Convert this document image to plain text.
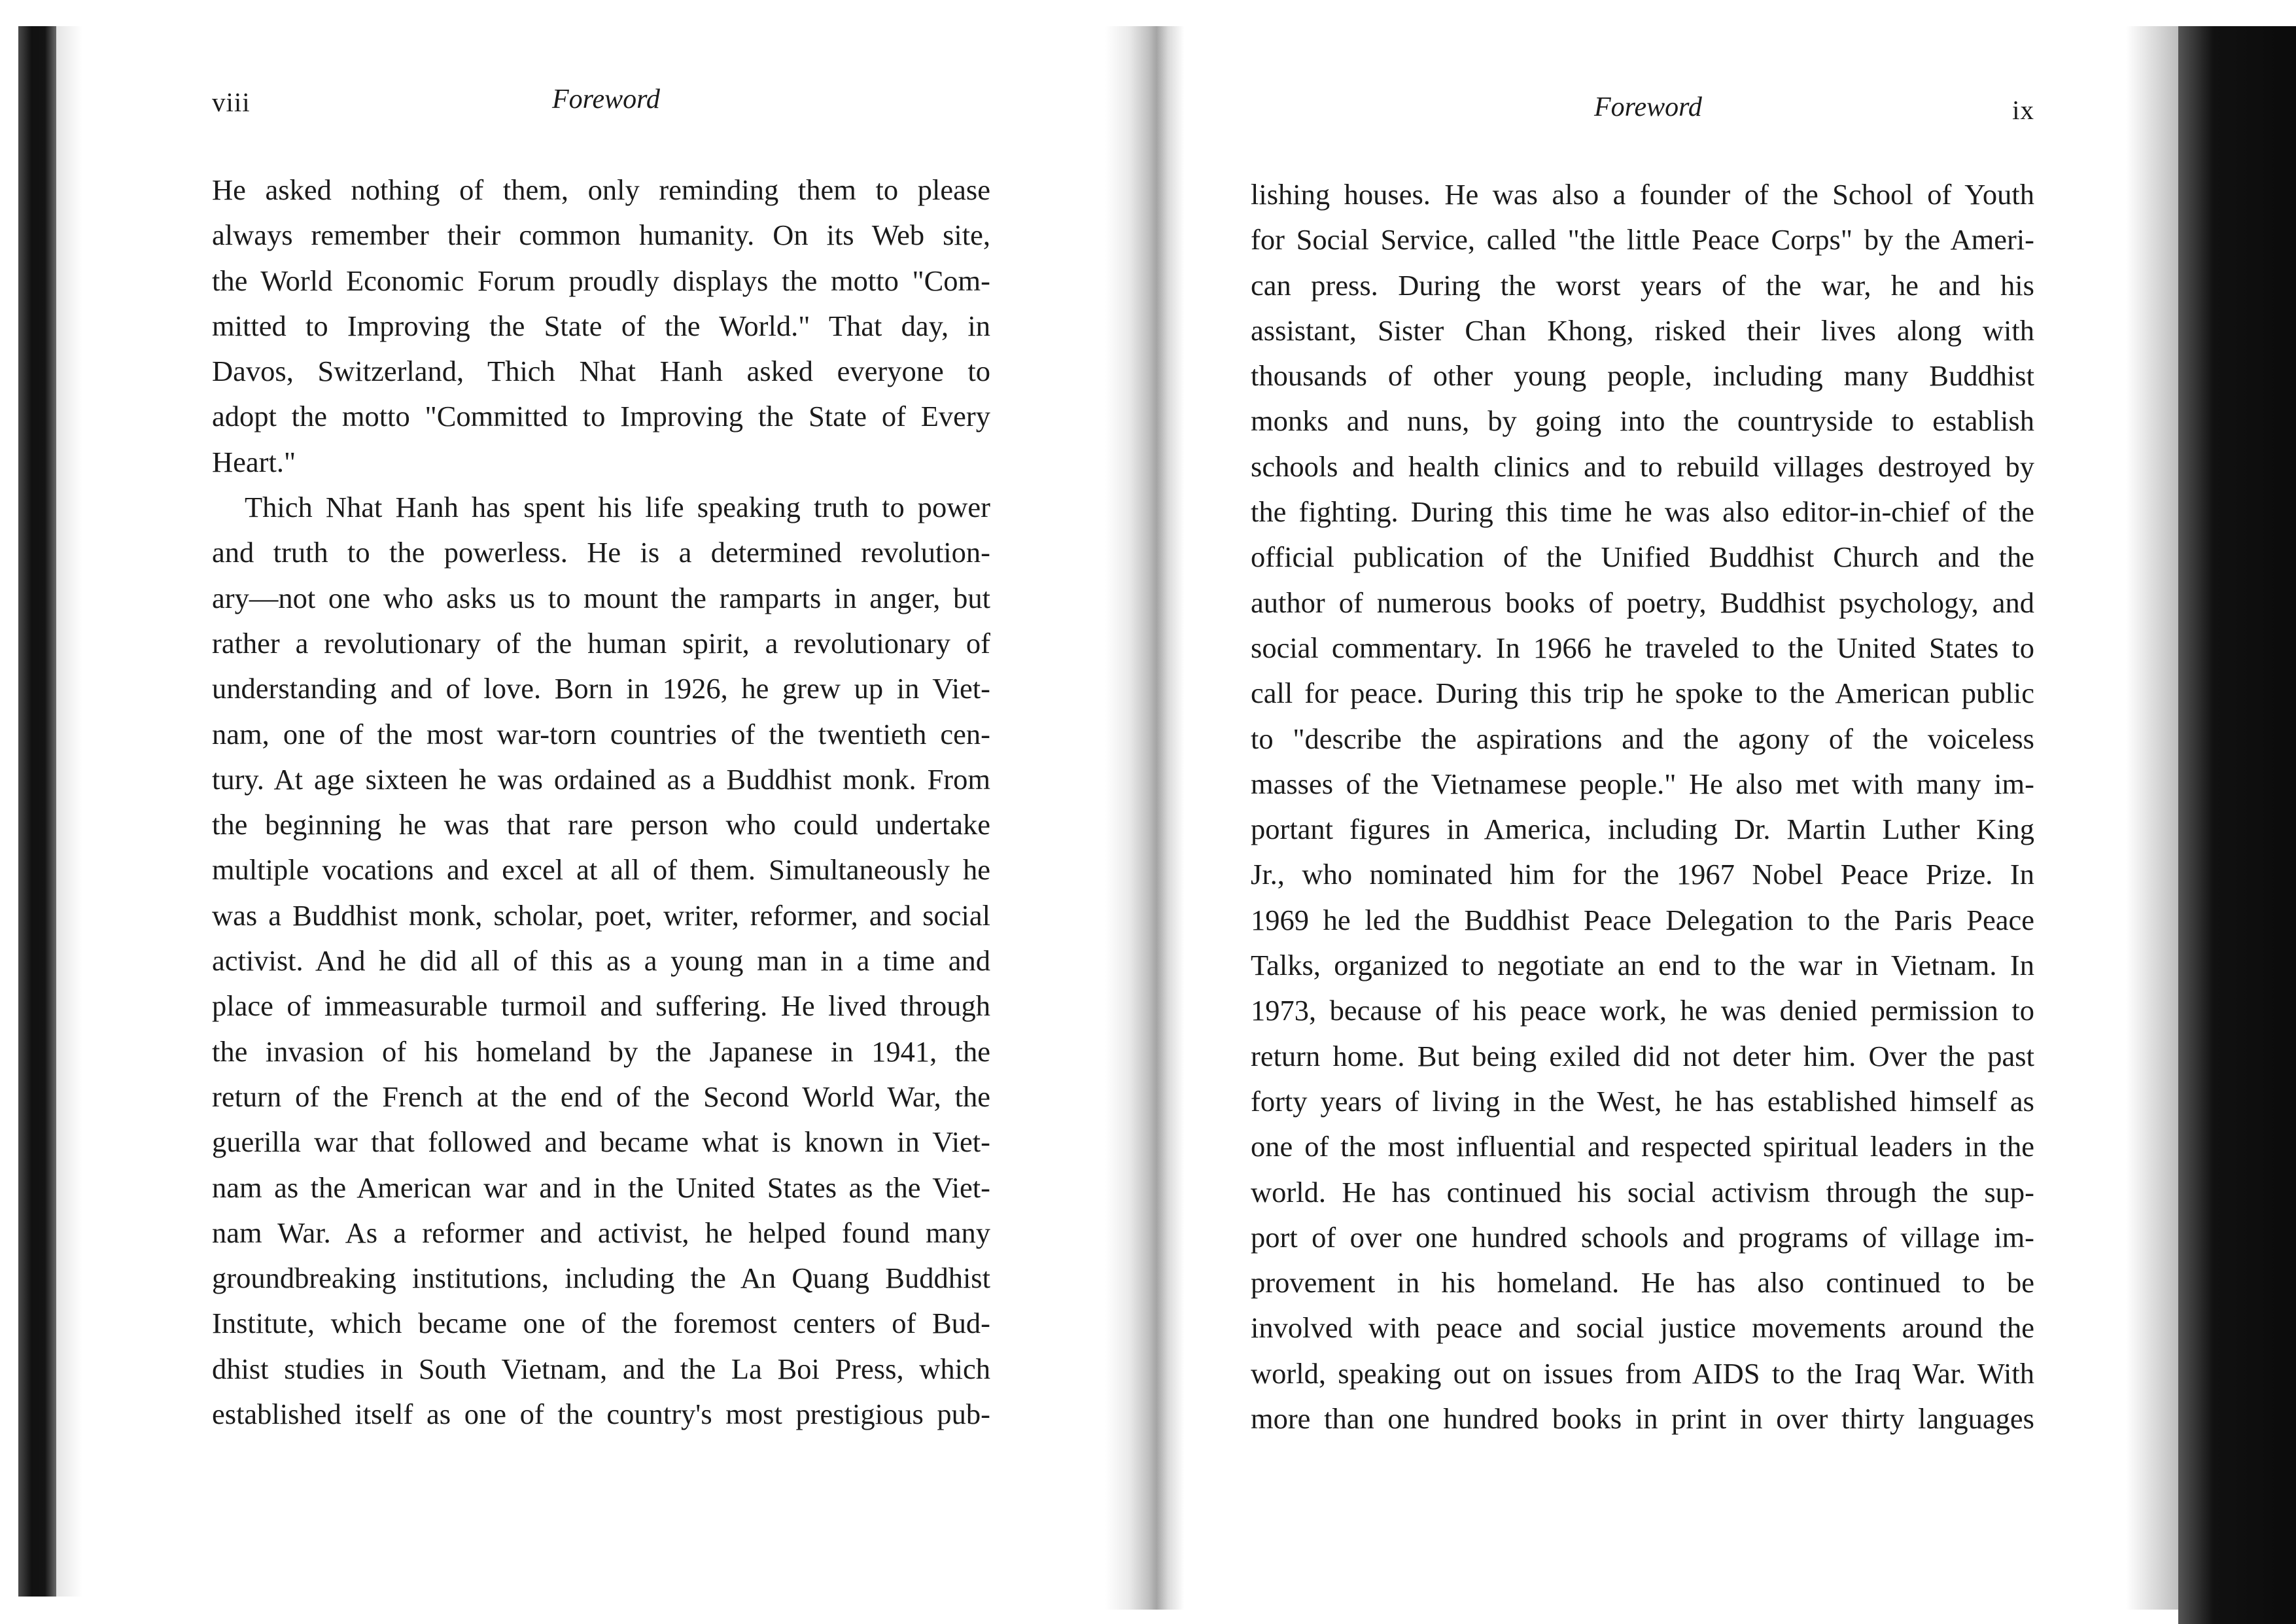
viii	Foreword
He asked nothing of them, only reminding them to please
always remember their common humanity. On its Web site,
the World Economic Forum proudly displays the motto "Com-
mitted to Improving the State of the World." That day, in
Davos, Switzerland, Thich Nhat Hanh asked everyone to
adopt the motto "Committed to Improving the State of Every
Heart."
Thich Nhat Hanh has spent his life speaking truth to power
and truth to the powerless. He is a determined revolution-
ary—not one who asks us to mount the ramparts in anger, but
rather a revolutionary of the human spirit, a revolutionary of
understanding and of love. Born in 1926, he grew up in Viet-
nam, one of the most war-torn countries of the twentieth cen-
tury. At age sixteen he was ordained as a Buddhist monk. From
the beginning he was that rare person who could undertake
multiple vocations and excel at all of them. Simultaneously he
was a Buddhist monk, scholar, poet, writer, reformer, and social
activist. And he did all of this as a young man in a time and
place of immeasurable turmoil and suffering. He lived through
the invasion of his homeland by the Japanese in 1941, the
return of the French at the end of the Second World War, the
guerilla war that followed and became what is known in Viet-
nam as the American war and in the United States as the Viet-
nam War. As a reformer and activist, he helped found many
groundbreaking institutions, including the An Quang Buddhist
Institute, which became one of the foremost centers of Bud-
dhist studies in South Vietnam, and the La Boi Press, which
established itself as one of the country's most prestigious pub-
Foreword	ix
lishing houses. He was also a founder of the School of Youth
for Social Service, called "the little Peace Corps" by the Ameri-
can press. During the worst years of the war, he and his
assistant, Sister Chan Khong, risked their lives along with
thousands of other young people, including many Buddhist
monks and nuns, by going into the countryside to establish
schools and health clinics and to rebuild villages destroyed by
the fighting. During this time he was also editor-in-chief of the
official publication of the Unified Buddhist Church and the
author of numerous books of poetry, Buddhist psychology, and
social commentary. In 1966 he traveled to the United States to
call for peace. During this trip he spoke to the American public
to "describe the aspirations and the agony of the voiceless
masses of the Vietnamese people." He also met with many im-
portant figures in America, including Dr. Martin Luther King
Jr., who nominated him for the 1967 Nobel Peace Prize. In
1969 he led the Buddhist Peace Delegation to the Paris Peace
Talks, organized to negotiate an end to the war in Vietnam. In
1973, because of his peace work, he was denied permission to
return home. But being exiled did not deter him. Over the past
forty years of living in the West, he has established himself as
one of the most influential and respected spiritual leaders in the
world. He has continued his social activism through the sup-
port of over one hundred schools and programs of village im-
provement in his homeland. He has also continued to be
involved with peace and social justice movements around the
world, speaking out on issues from AIDS to the Iraq War. With
more than one hundred books in print in over thirty languages
